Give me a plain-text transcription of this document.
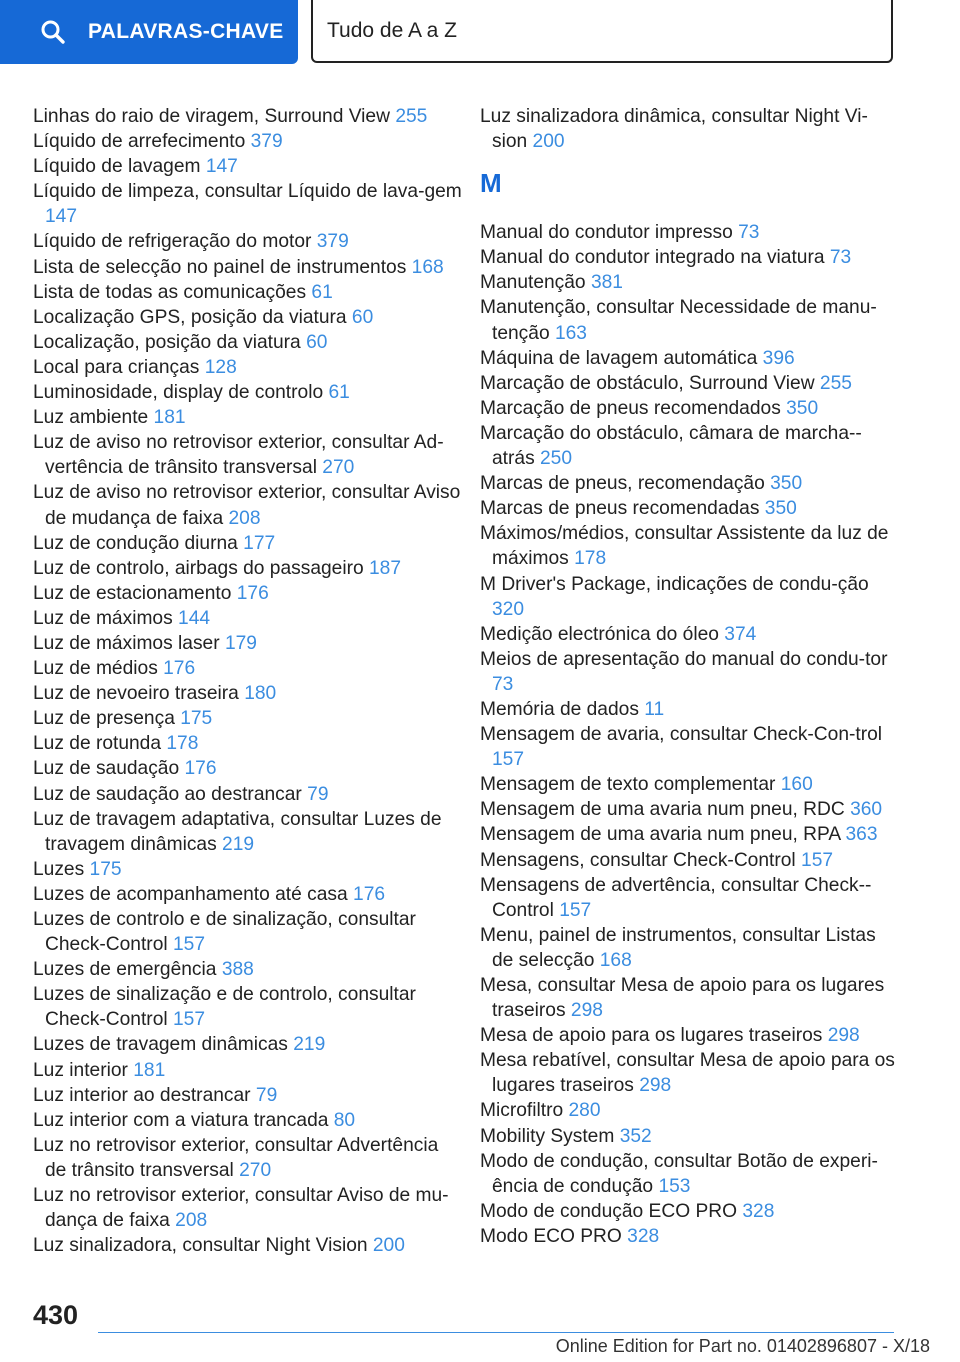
PALAVRAS-CHAVE Tudo de A a Z

Linhas do raio de viragem, Surround View 255

Líquido de arrefecimento 379

Líquido de lavagem 147

Líquido de limpeza, consultar Líquido de lava-gem 147

Líquido de refrigeração do motor 379

Lista de selecção no painel de instrumentos 168

Lista de todas as comunicações 61

Localização GPS, posição da viatura 60

Localização, posição da viatura 60

Local para crianças 128

Luminosidade, display de controlo 61

Luz ambiente 181

Luz de aviso no retrovisor exterior, consultar Ad-vertência de trânsito transversal 270

Luz de aviso no retrovisor exterior, consultar Aviso de mudança de faixa 208

Luz de condução diurna 177

Luz de controlo, airbags do passageiro 187

Luz de estacionamento 176

Luz de máximos 144

Luz de máximos laser 179

Luz de médios 176

Luz de nevoeiro traseira 180

Luz de presença 175

Luz de rotunda 178

Luz de saudação 176

Luz de saudação ao destrancar 79

Luz de travagem adaptativa, consultar Luzes de travagem dinâmicas 219

Luzes 175

Luzes de acompanhamento até casa 176

Luzes de controlo e de sinalização, consultar Check-Control 157

Luzes de emergência 388

Luzes de sinalização e de controlo, consultar Check-Control 157

Luzes de travagem dinâmicas 219

Luz interior 181

Luz interior ao destrancar 79

Luz interior com a viatura trancada 80

Luz no retrovisor exterior, consultar Advertência de trânsito transversal 270

Luz no retrovisor exterior, consultar Aviso de mu-dança de faixa 208

Luz sinalizadora, consultar Night Vision 200

Luz sinalizadora dinâmica, consultar Night Vi-sion 200

M

Manual do condutor impresso 73

Manual do condutor integrado na viatura 73

Manutenção 381

Manutenção, consultar Necessidade de manu-tenção 163

Máquina de lavagem automática 396

Marcação de obstáculo, Surround View 255

Marcação de pneus recomendados 350

Marcação do obstáculo, câmara de marcha--atrás 250

Marcas de pneus, recomendação 350

Marcas de pneus recomendadas 350

Máximos/médios, consultar Assistente da luz de máximos 178

M Driver's Package, indicações de condu-ção 320

Medição electrónica do óleo 374

Meios de apresentação do manual do condu-tor 73

Memória de dados 11

Mensagem de avaria, consultar Check-Con-trol 157

Mensagem de texto complementar 160

Mensagem de uma avaria num pneu, RDC 360

Mensagem de uma avaria num pneu, RPA 363

Mensagens, consultar Check-Control 157

Mensagens de advertência, consultar Check--Control 157

Menu, painel de instrumentos, consultar Listas de selecção 168

Mesa, consultar Mesa de apoio para os lugares traseiros 298

Mesa de apoio para os lugares traseiros 298

Mesa rebatível, consultar Mesa de apoio para os lugares traseiros 298

Microfiltro 280

Mobility System 352

Modo de condução, consultar Botão de experi-ência de condução 153

Modo de condução ECO PRO 328

Modo ECO PRO 328

430
Online Edition for Part no. 01402896807 - X/18
